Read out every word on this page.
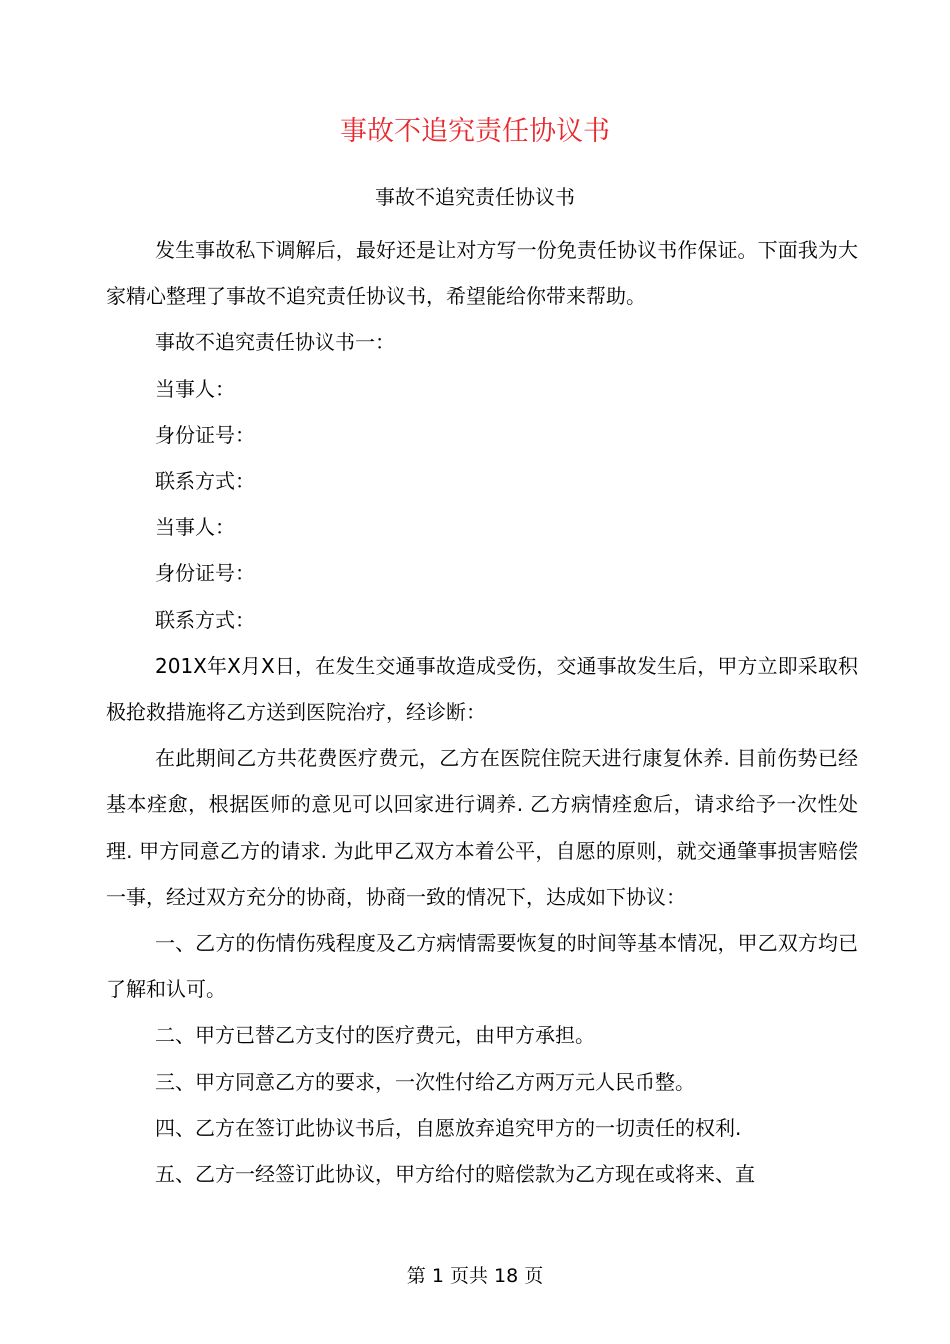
事故不追究责任协议书
事故不追究责任协议书

发生事故私下调解后，最好还是让对方写一份免责任协议书作保证。下面我为大家精心整理了事故不追究责任协议书，希望能给你带来帮助。

事故不追究责任协议书一：

当事人：

身份证号：

联系方式：

当事人：

身份证号：

联系方式：

201X年X月X日，在发生交通事故造成受伤，交通事故发生后，甲方立即采取积极抢救措施将乙方送到医院治疗，经诊断：

在此期间乙方共花费医疗费元，乙方在医院住院天进行康复休养. 目前伤势已经基本痊愈，根据医师的意见可以回家进行调养. 乙方病情痊愈后，请求给予一次性处理. 甲方同意乙方的请求. 为此甲乙双方本着公平，自愿的原则，就交通肇事损害赔偿一事，经过双方充分的协商，协商一致的情况下，达成如下协议：

一、乙方的伤情伤残程度及乙方病情需要恢复的时间等基本情况，甲乙双方均已了解和认可。

二、甲方已替乙方支付的医疗费元，由甲方承担。

三、甲方同意乙方的要求，一次性付给乙方两万元人民币整。

四、乙方在签订此协议书后，自愿放弃追究甲方的一切责任的权利.

五、乙方一经签订此协议，甲方给付的赔偿款为乙方现在或将来、直

第 1 页共 18 页
